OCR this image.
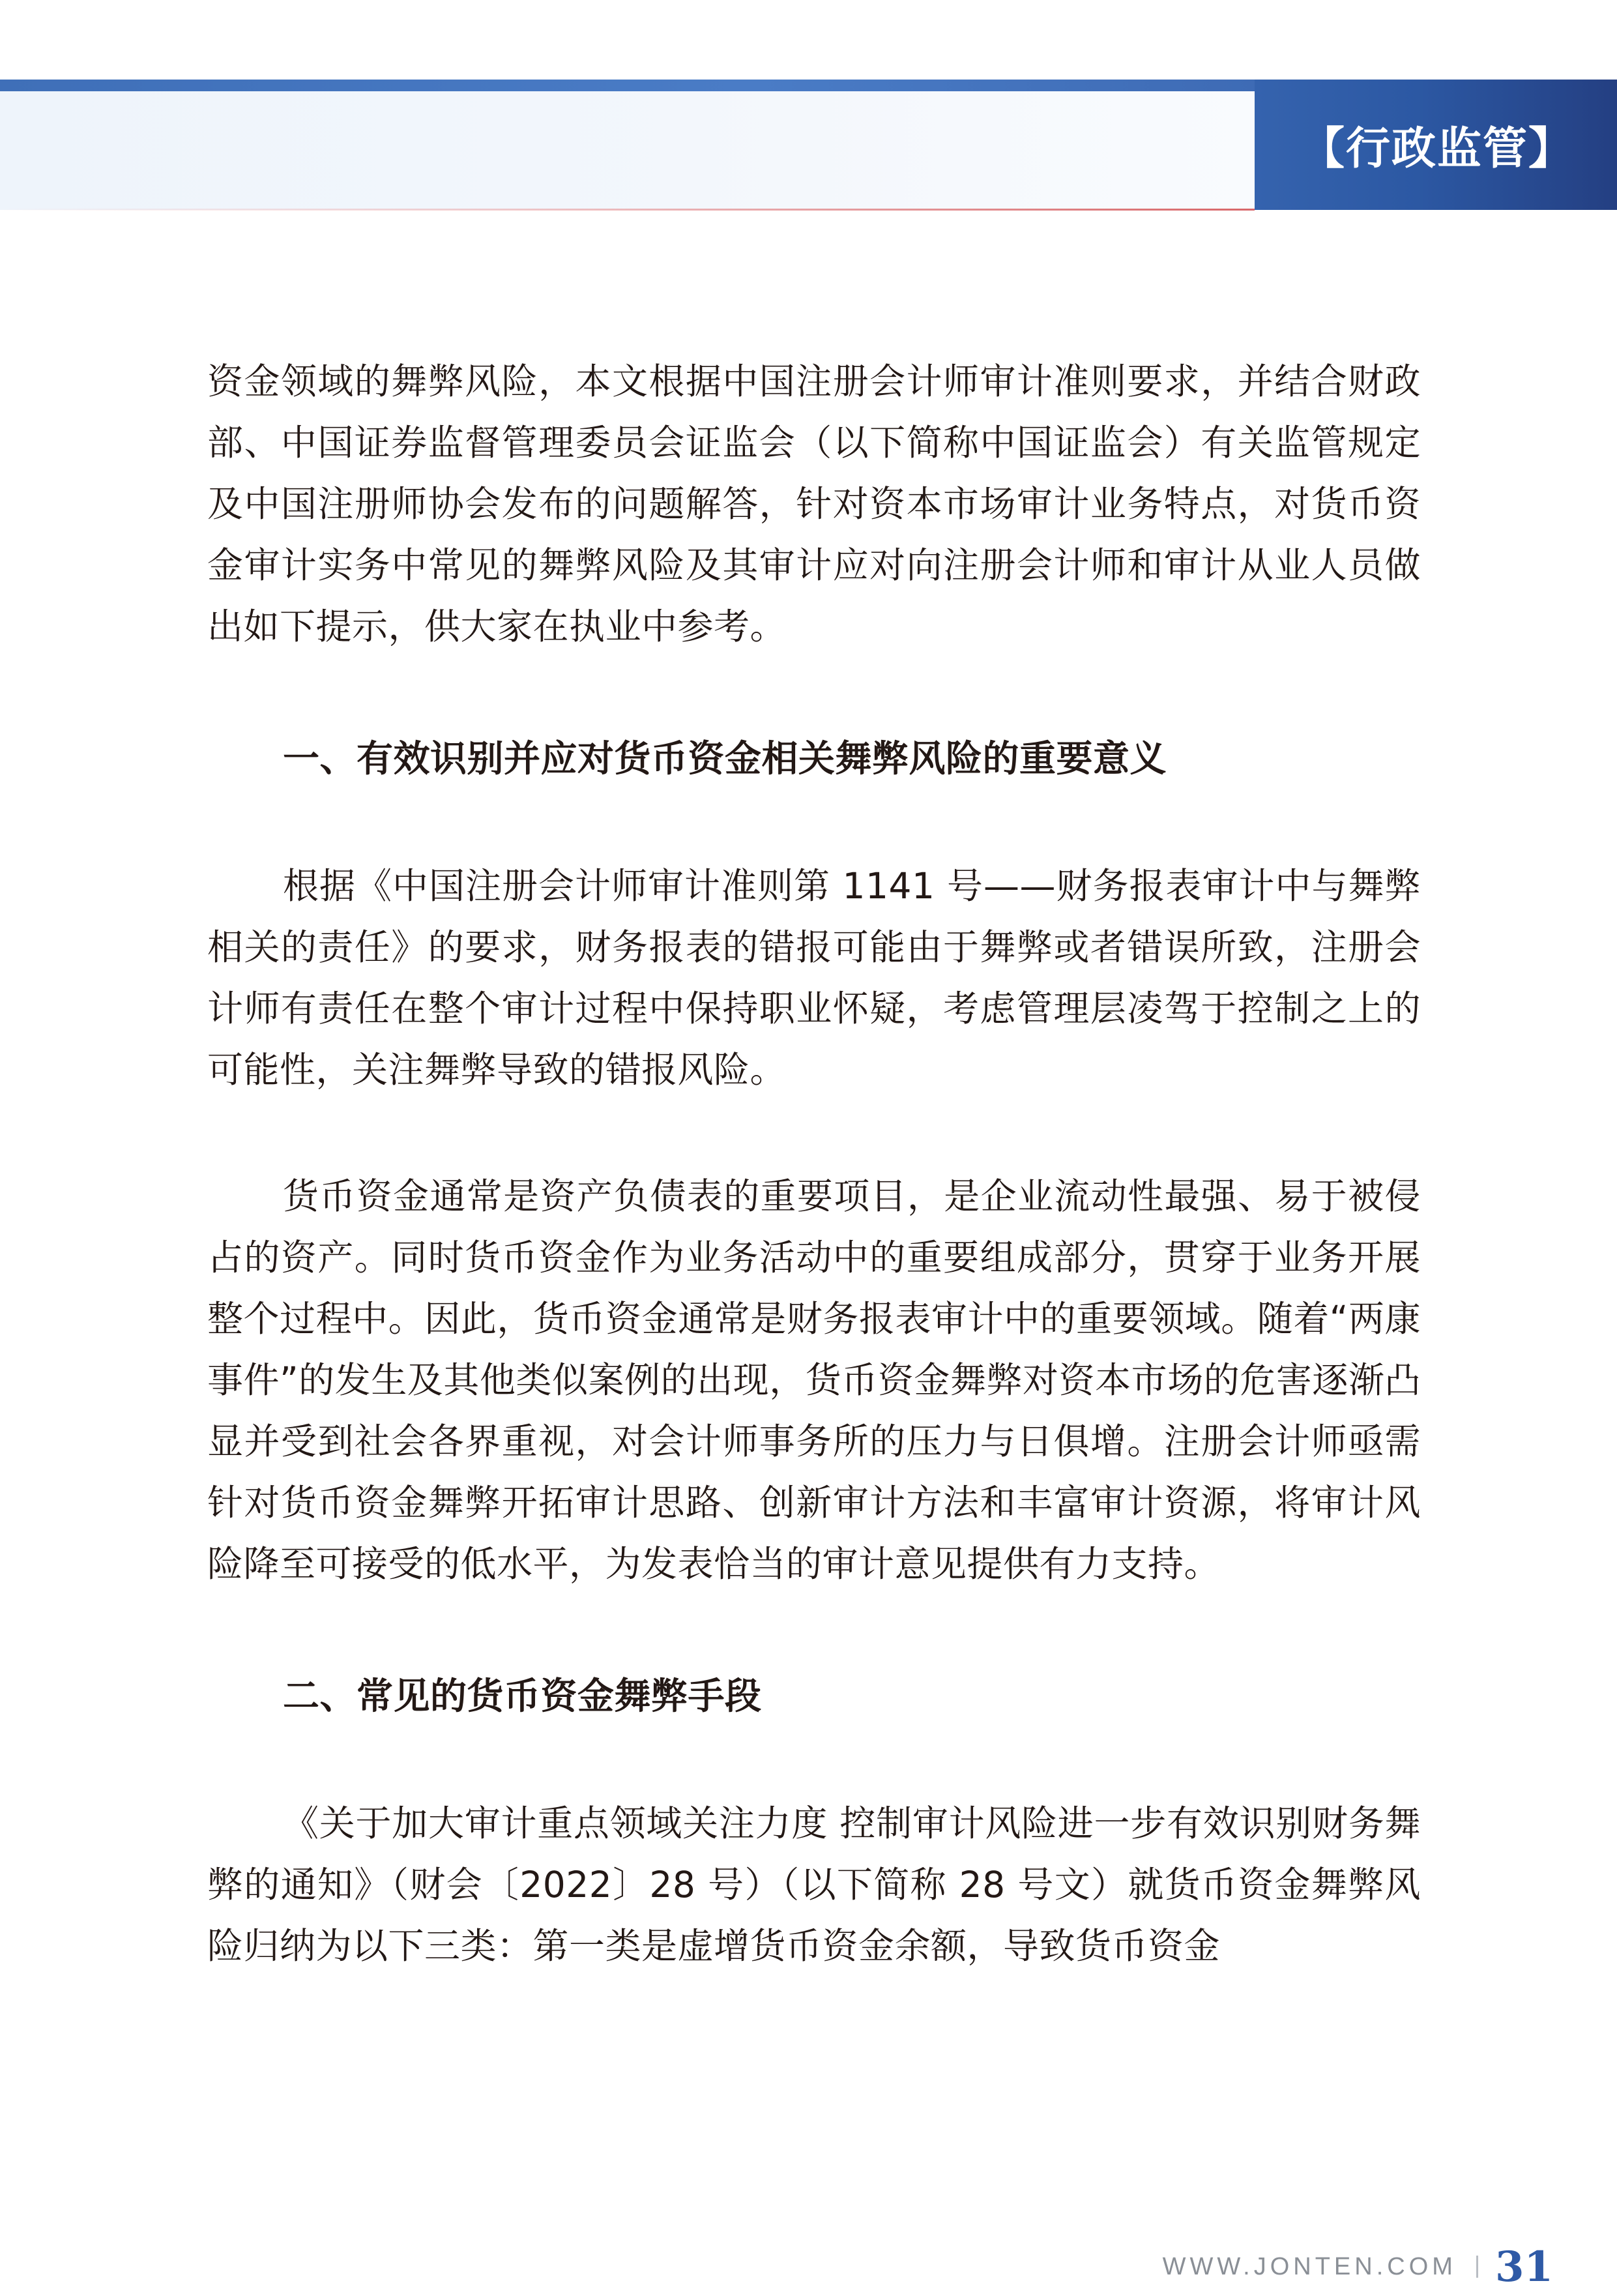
【行政监管】

资金领域的舞弊风险，本文根据中国注册会计师审计准则要求，并结合财政部、中国证券监督管理委员会证监会（以下简称中国证监会）有关监管规定及中国注册师协会发布的问题解答，针对资本市场审计业务特点，对货币资金审计实务中常见的舞弊风险及其审计应对向注册会计师和审计从业人员做出如下提示，供大家在执业中参考。

一、有效识别并应对货币资金相关舞弊风险的重要意义

根据《中国注册会计师审计准则第 1141 号——财务报表审计中与舞弊相关的责任》的要求，财务报表的错报可能由于舞弊或者错误所致，注册会计师有责任在整个审计过程中保持职业怀疑，考虑管理层凌驾于控制之上的可能性，关注舞弊导致的错报风险。

货币资金通常是资产负债表的重要项目，是企业流动性最强、易于被侵占的资产。同时货币资金作为业务活动中的重要组成部分，贯穿于业务开展整个过程中。因此，货币资金通常是财务报表审计中的重要领域。随着“两康事件”的发生及其他类似案例的出现，货币资金舞弊对资本市场的危害逐渐凸显并受到社会各界重视，对会计师事务所的压力与日俱增。注册会计师亟需针对货币资金舞弊开拓审计思路、创新审计方法和丰富审计资源，将审计风险降至可接受的低水平，为发表恰当的审计意见提供有力支持。

二、常见的货币资金舞弊手段

《关于加大审计重点领域关注力度 控制审计风险进一步有效识别财务舞弊的通知》（财会〔2022〕28 号）（以下简称 28 号文）就货币资金舞弊风险归纳为以下三类：第一类是虚增货币资金余额，导致货币资金

WWW.JONTEN.COM 31
